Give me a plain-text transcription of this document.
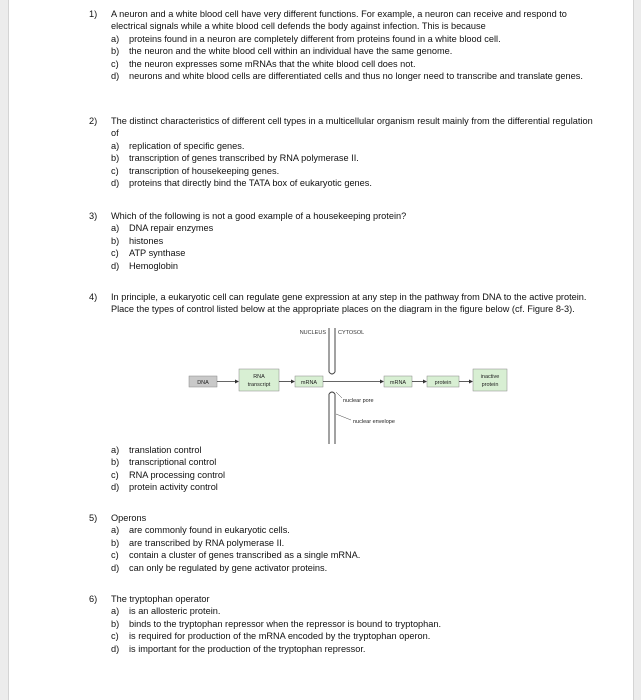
1)	A neuron and a white blood cell have very different functions. For example, a neuron can receive and respond to electrical signals while a white blood cell defends the body against infection. This is because
a)	proteins found in a neuron are completely different from proteins found in a white blood cell.
b)	the neuron and the white blood cell within an individual have the same genome.
c)	the neuron expresses some mRNAs that the white blood cell does not.
d)	neurons and white blood cells are differentiated cells and thus no longer need to transcribe and translate genes.
2)	The distinct characteristics of different cell types in a multicellular organism result mainly from the differential regulation of
a)	replication of specific genes.
b)	transcription of genes transcribed by RNA polymerase II.
c)	transcription of housekeeping genes.
d)	proteins that directly bind the TATA box of eukaryotic genes.
3)	Which of the following is not a good example of a housekeeping protein?
a)	DNA repair enzymes
b)	histones
c)	ATP synthase
d)	Hemoglobin
4)	In principle, a eukaryotic cell can regulate gene expression at any step in the pathway from DNA to the active protein. Place the types of control listed below at the appropriate places on the diagram in the figure below (cf. Figure 8-3).
NUCLEUS CYTOSOL
DNA
RNA
transcript	mRNA	mRNA	protein
inactive
protein
nuclear pore
nuclear envelope
a)	translation control
b)	transcriptional control
c)	RNA processing control
d)	protein activity control
5)	Operons
a)	are commonly found in eukaryotic cells.
b)	are transcribed by RNA polymerase II.
c)	contain a cluster of genes transcribed as a single mRNA.
d)	can only be regulated by gene activator proteins.
6)	The tryptophan operator
a)	is an allosteric protein.
b)	binds to the tryptophan repressor when the repressor is bound to tryptophan.
c)	is required for production of the mRNA encoded by the tryptophan operon.
d)	is important for the production of the tryptophan repressor.
